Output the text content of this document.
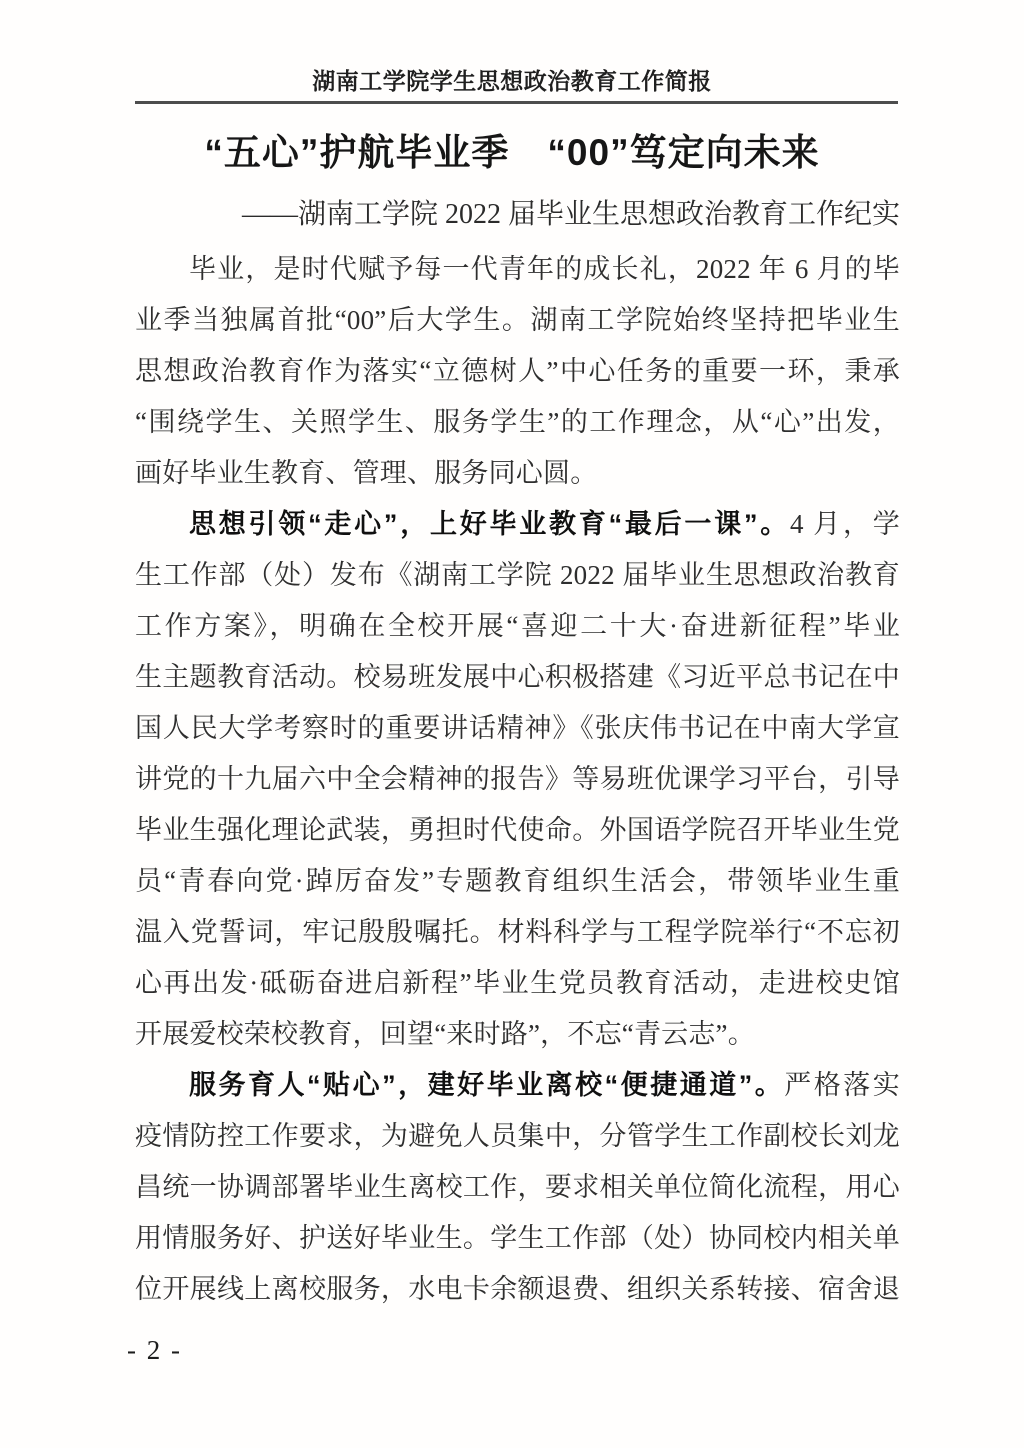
湖南工学院学生思想政治教育工作简报
“五心”护航毕业季　“00”笃定向未来
——湖南工学院 2022 届毕业生思想政治教育工作纪实
毕业，是时代赋予每一代青年的成长礼，2022 年 6 月的毕
业季当独属首批“00”后大学生。湖南工学院始终坚持把毕业生
思想政治教育作为落实“立德树人”中心任务的重要一环，秉承
“围绕学生、关照学生、服务学生”的工作理念，从“心”出发，
画好毕业生教育、管理、服务同心圆。
思想引领“走心”，上好毕业教育“最后一课”。4 月，学
生工作部（处）发布《湖南工学院 2022 届毕业生思想政治教育
工作方案》，明确在全校开展“喜迎二十大·奋进新征程”毕业
生主题教育活动。校易班发展中心积极搭建《习近平总书记在中
国人民大学考察时的重要讲话精神》《张庆伟书记在中南大学宣
讲党的十九届六中全会精神的报告》等易班优课学习平台，引导
毕业生强化理论武装，勇担时代使命。外国语学院召开毕业生党
员“青春向党·踔厉奋发”专题教育组织生活会，带领毕业生重
温入党誓词，牢记殷殷嘱托。材料科学与工程学院举行“不忘初
心再出发·砥砺奋进启新程”毕业生党员教育活动，走进校史馆
开展爱校荣校教育，回望“来时路”，不忘“青云志”。
服务育人“贴心”，建好毕业离校“便捷通道”。严格落实
疫情防控工作要求，为避免人员集中，分管学生工作副校长刘龙
昌统一协调部署毕业生离校工作，要求相关单位简化流程，用心
用情服务好、护送好毕业生。学生工作部（处）协同校内相关单
位开展线上离校服务，水电卡余额退费、组织关系转接、宿舍退
- 2 -
